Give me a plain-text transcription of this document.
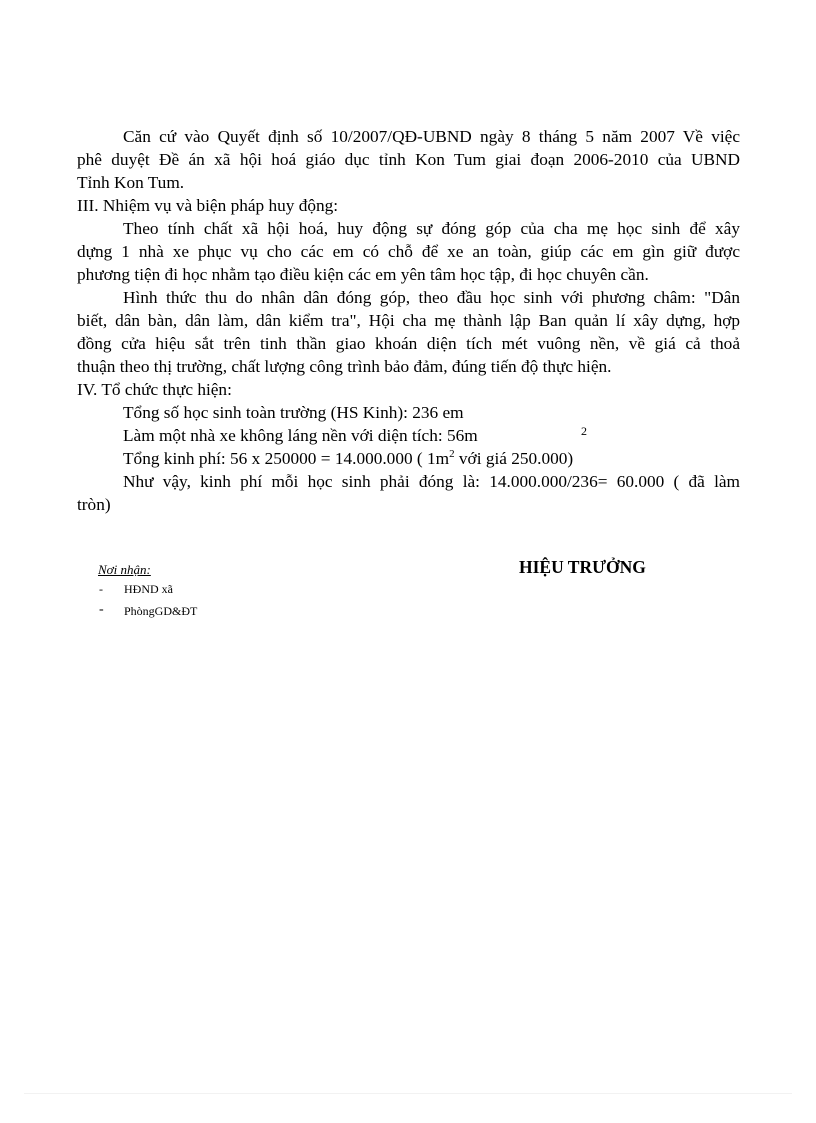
Căn cứ vào Quyết định số 10/2007/QĐ-UBND ngày 8 tháng 5 năm 2007 Về việc
phê duyệt Đề án xã hội hoá giáo dục tỉnh Kon Tum giai đoạn 2006-2010 của UBND
Tỉnh Kon Tum.
III. Nhiệm vụ và biện pháp huy động:
Theo tính chất xã hội hoá, huy động sự đóng góp của cha mẹ học sinh để xây
dựng 1 nhà xe phục vụ cho các em có chỗ để xe an toàn, giúp các em gìn giữ được
phương tiện đi học nhằm tạo điều kiện các em yên tâm học tập, đi học chuyên cần.
Hình thức thu do nhân dân đóng góp, theo đầu học sinh với phương châm: "Dân
biết, dân bàn, dân làm, dân kiểm tra", Hội cha mẹ thành lập Ban quản lí xây dựng, hợp
đồng cửa hiệu sắt trên tinh thần giao khoán diện tích mét vuông nền, về giá cả thoả
thuận theo thị trường, chất lượng công trình bảo đảm, đúng tiến độ thực hiện.
IV. Tổ chức thực hiện:
Tổng số học sinh toàn trường (HS Kinh): 236 em
Làm một nhà xe không láng nền với diện tích: 56m	2
Tổng kinh phí: 56 x 250000 = 14.000.000 ( $1m^2$ với giá 250.000)
Như vậy, kinh phí mỗi học sinh phải đóng là: 14.000.000/236= 60.000 ( đã làm
tròn)
Nơi nhận:
- HĐND xã
- PhòngGD&ĐT
HIỆU TRƯỞNG
